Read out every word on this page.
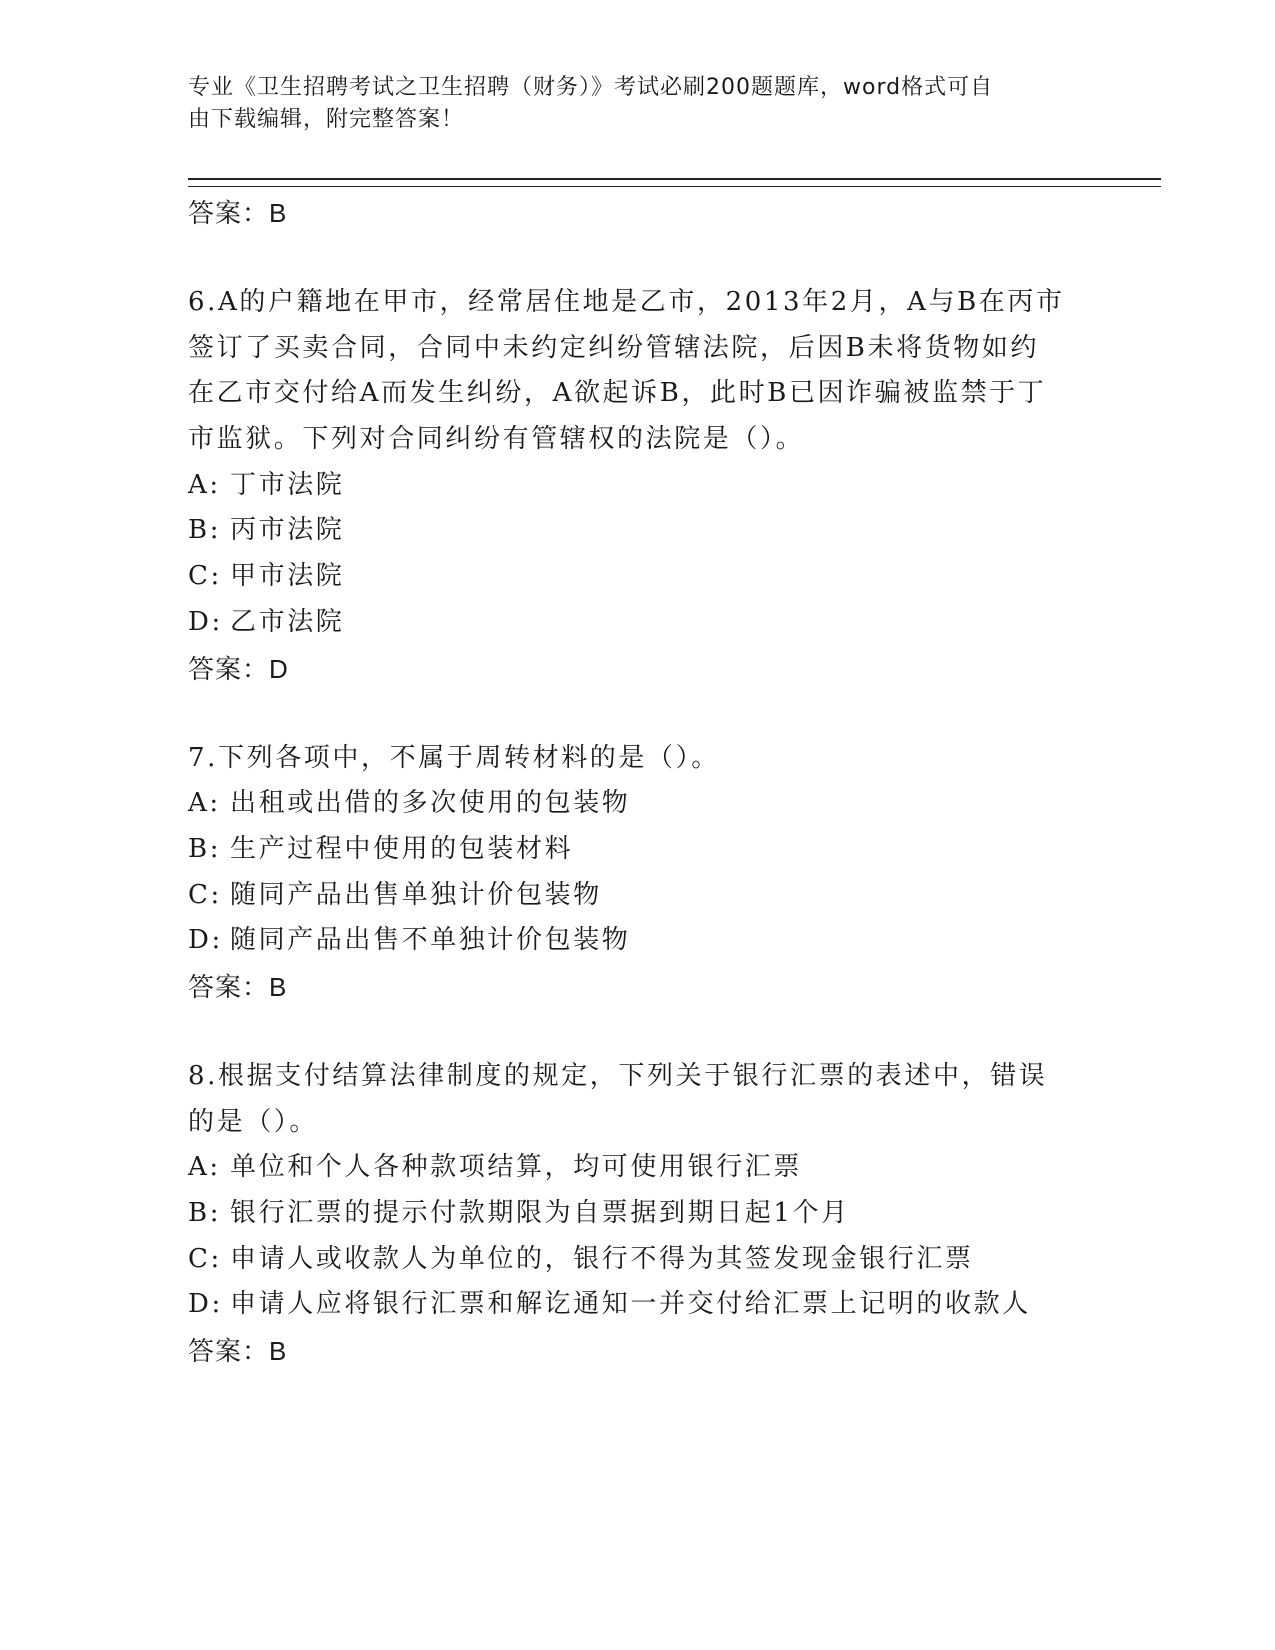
专业《卫生招聘考试之卫生招聘（财务）》考试必刷200题题库，word格式可自
由下载编辑，附完整答案！
答案：B
6.A的户籍地在甲市，经常居住地是乙市，2013年2月，A与B在丙市
签订了买卖合同，合同中未约定纠纷管辖法院，后因B未将货物如约
在乙市交付给A而发生纠纷，A欲起诉B，此时B已因诈骗被监禁于丁
市监狱。下列对合同纠纷有管辖权的法院是（）。
A: 丁市法院
B: 丙市法院
C: 甲市法院
D: 乙市法院
答案：D
7.下列各项中，不属于周转材料的是（）。
A: 出租或出借的多次使用的包装物
B: 生产过程中使用的包装材料
C: 随同产品出售单独计价包装物
D: 随同产品出售不单独计价包装物
答案：B
8.根据支付结算法律制度的规定，下列关于银行汇票的表述中，错误
的是（）。
A: 单位和个人各种款项结算，均可使用银行汇票
B: 银行汇票的提示付款期限为自票据到期日起1个月
C: 申请人或收款人为单位的，银行不得为其签发现金银行汇票
D: 申请人应将银行汇票和解讫通知一并交付给汇票上记明的收款人
答案：B
